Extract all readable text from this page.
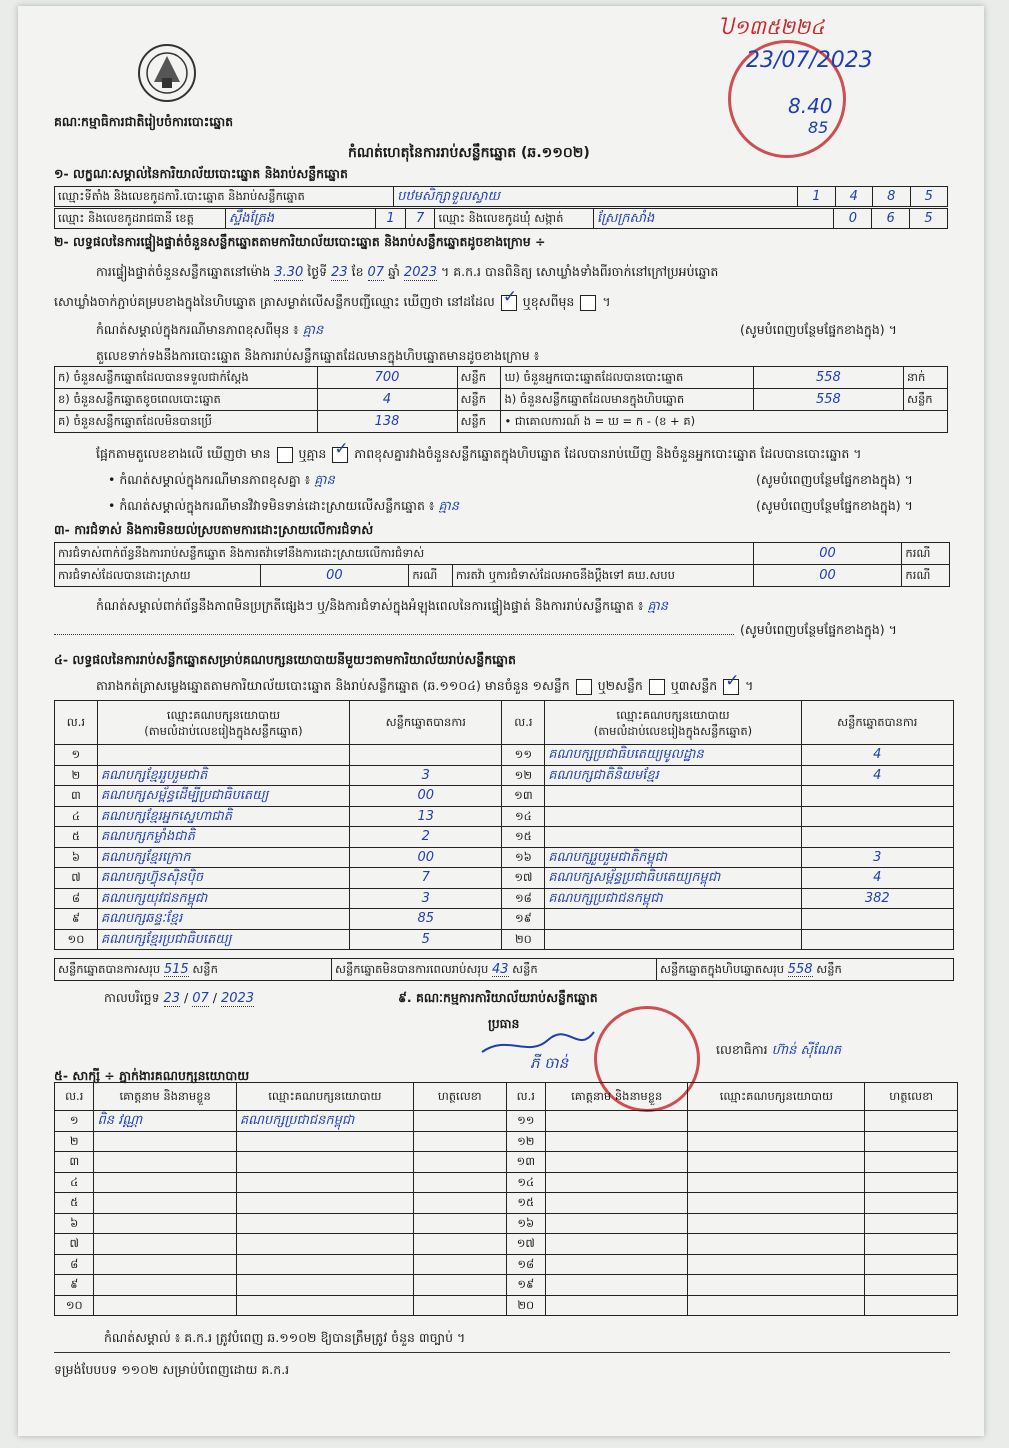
គណៈកម្មាធិការជាតិរៀបចំការបោះឆ្នោត
កំណត់ហេតុនៃការរាប់សន្លឹកឆ្នោត (ឆ.១១០២)
Ⴎ១៣៥២២៤
23/07/2023
8.40
85
១- លក្ខណៈសម្គាល់នៃការិយាល័យបោះឆ្នោត និងរាប់សន្លឹកឆ្នោត
ឈ្មោះទីតាំង និងលេខកូដការិ.បោះឆ្នោត និងរាប់សន្លឹកឆ្នោត	បឋមសិក្សាទួលស្វាយ	1	4	8	5
ឈ្មោះ និងលេខកូដរាជធានី ខេត្ត	ស្ទឹងត្រែង	1	7	ឈ្មោះ និងលេខកូដឃុំ សង្កាត់	ស្រែក្រសាំង	0	6	5
២- លទ្ធផលនៃការផ្ទៀងផ្ទាត់ចំនួនសន្លឹកឆ្នោតតាមការិយាល័យបោះឆ្នោត និងរាប់សន្លឹកឆ្នោតដូចខាងក្រោម ÷
ការផ្ទៀងផ្ទាត់ចំនួនសន្លឹកឆ្នោតនៅម៉ោង 3.30 ថ្ងៃទី 23 ខែ 07 ឆ្នាំ 2023 ។ គ.ក.រ បានពិនិត្យ សោឃ្លាំងទាំងពីរចាក់នៅក្រៅប្រអប់ឆ្នោត
សោឃ្លាំងចាក់ភ្ជាប់គម្របខាងក្នុងនៃហិបឆ្នោត ត្រាសម្ងាត់លើសន្លឹកបញ្ជីឈ្មោះ ឃើញថា នៅដដែល ✓ ឬខុសពីមុន  ។
កំណត់សម្គាល់ក្នុងករណីមានភាពខុសពីមុន ៖ គ្មាន	(សូមបំពេញបន្ថែមផ្នែកខាងក្នុង) ។
តួលេខទាក់ទងនឹងការបោះឆ្នោត និងការរាប់សន្លឹកឆ្នោតដែលមានក្នុងហិបឆ្នោតមានដូចខាងក្រោម ៖
ក) ចំនួនសន្លឹកឆ្នោតដែលបានទទួលជាក់ស្តែង	700	សន្លឹក	ឃ) ចំនួនអ្នកបោះឆ្នោតដែលបានបោះឆ្នោត	558	នាក់
ខ) ចំនួនសន្លឹកឆ្នោតខូចពេលបោះឆ្នោត	4	សន្លឹក	ង) ចំនួនសន្លឹកឆ្នោតដែលមានក្នុងហិបឆ្នោត	558	សន្លឹក
គ) ចំនួនសន្លឹកឆ្នោតដែលមិនបានប្រើ	138	សន្លឹក	• ជាគោលការណ៍ ង = ឃ = ក - (ខ + គ)		
ផ្អែកតាមតួលេខខាងលើ ឃើញថា មាន ឬគ្មាន ✓ ភាពខុសគ្នារវាងចំនួនសន្លឹកឆ្នោតក្នុងហិបឆ្នោត ដែលបានរាប់ឃើញ និងចំនួនអ្នកបោះឆ្នោត ដែលបានបោះឆ្នោត ។
• កំណត់សម្គាល់ក្នុងករណីមានភាពខុសគ្នា ៖ គ្មាន	(សូមបំពេញបន្ថែមផ្នែកខាងក្នុង) ។
• កំណត់សម្គាល់ក្នុងករណីមានវិវាទមិនទាន់ដោះស្រាយលើសន្លឹកឆ្នោត ៖ គ្មាន	(សូមបំពេញបន្ថែមផ្នែកខាងក្នុង) ។
៣- ការជំទាស់ និងការមិនយល់ស្របតាមការដោះស្រាយលើការជំទាស់
ការជំទាស់ពាក់ព័ន្ធនឹងការរាប់សន្លឹកឆ្នោត និងការតវ៉ាទៅនឹងការដោះស្រាយលើការជំទាស់				00	ករណី
ការជំទាស់ដែលបានដោះស្រាយ	00	ករណី	ការតវ៉ា ឬការជំទាស់ដែលអាចនឹងប្តឹងទៅ គឃ.សបប	00	ករណី
កំណត់សម្គាល់ពាក់ព័ន្ធនឹងភាពមិនប្រក្រតីផ្សេងៗ ឬ/និងការជំទាស់ក្នុងអំឡុងពេលនៃការផ្ទៀងផ្ទាត់ និងការរាប់សន្លឹកឆ្នោត ៖ គ្មាន
(សូមបំពេញបន្ថែមផ្នែកខាងក្នុង) ។
៤- លទ្ធផលនៃការរាប់សន្លឹកឆ្នោតសម្រាប់គណបក្សនយោបាយនីមួយៗតាមការិយាល័យរាប់សន្លឹកឆ្នោត
តារាងកត់ត្រាសម្លេងឆ្នោតតាមការិយាល័យបោះឆ្នោត និងរាប់សន្លឹកឆ្នោត (ឆ.១១០៤) មានចំនួន ១សន្លឹក ឬ២សន្លឹក ឬ៣សន្លឹក ✓ ។
ល.រ	ឈ្មោះគណបក្សនយោបាយ
(តាមលំដាប់លេខរៀងក្នុងសន្លឹកឆ្នោត)	សន្លឹកឆ្នោតបានការ	ល.រ	ឈ្មោះគណបក្សនយោបាយ
(តាមលំដាប់លេខរៀងក្នុងសន្លឹកឆ្នោត)	សន្លឹកឆ្នោតបានការ
១			១១	គណបក្សប្រជាធិបតេយ្យមូលដ្ឋាន	4
២	គណបក្សខ្មែររួបរួមជាតិ	3	១២	គណបក្សជាតិនិយមខ្មែរ	4
៣	គណបក្សសម្ព័ន្ធដើម្បីប្រជាធិបតេយ្យ	00	១៣		
៤	គណបក្សខ្មែរអ្នកស្នេហាជាតិ	13	១៤		
៥	គណបក្សកម្លាំងជាតិ	2	១៥		
៦	គណបក្សខ្មែរក្រោក	00	១៦	គណបក្សរួបរួមជាតិកម្ពុជា	3
៧	គណបក្សហ៊្វុនស៊ិនប៉ិច	7	១៧	គណបក្សសម្ព័ន្ធប្រជាធិបតេយ្យកម្ពុជា	4
៨	គណបក្សយុវជនកម្ពុជា	3	១៨	គណបក្សប្រជាជនកម្ពុជា	382
៩	គណបក្សឆន្ទៈខ្មែរ	85	១៩		
១០	គណបក្សខ្មែរប្រជាធិបតេយ្យ	5	២០		
សន្លឹកឆ្នោតបានការសរុប 515 សន្លឹក	សន្លឹកឆ្នោតមិនបានការពេលរាប់សរុប 43 សន្លឹក	សន្លឹកឆ្នោតក្នុងហិបឆ្នោតសរុប 558 សន្លឹក
កាលបរិច្ឆេទ 23 / 07 / 2023	៩. គណៈកម្មការការិយាល័យរាប់សន្លឹកឆ្នោត
ប្រធាន
ភី ចាន់
លេខាធិការ ហ៊ាន់ ស៊ីណែត
៥- សាក្សី ÷ ភ្នាក់ងារគណបក្សនយោបាយ
ល.រ	គោត្តនាម និងនាមខ្លួន	ឈ្មោះគណបក្សនយោបាយ	ហត្ថលេខា	ល.រ	គោត្តនាម និងនាមខ្លួន	ឈ្មោះគណបក្សនយោបាយ	ហត្ថលេខា
១	ពិន វណ្ណា	គណបក្សប្រជាជនកម្ពុជា		១១			
២				១២			
៣				១៣			
៤				១៤			
៥				១៥			
៦				១៦			
៧				១៧			
៨				១៨			
៩				១៩			
១០				២០			
កំណត់សម្គាល់ ៖ គ.ក.រ ត្រូវបំពេញ ឆ.១១០២ ឱ្យបានត្រឹមត្រូវ ចំនួន ៣ច្បាប់ ។
ទម្រង់បែបបទ ១១០២ សម្រាប់បំពេញដោយ គ.ក.រ
